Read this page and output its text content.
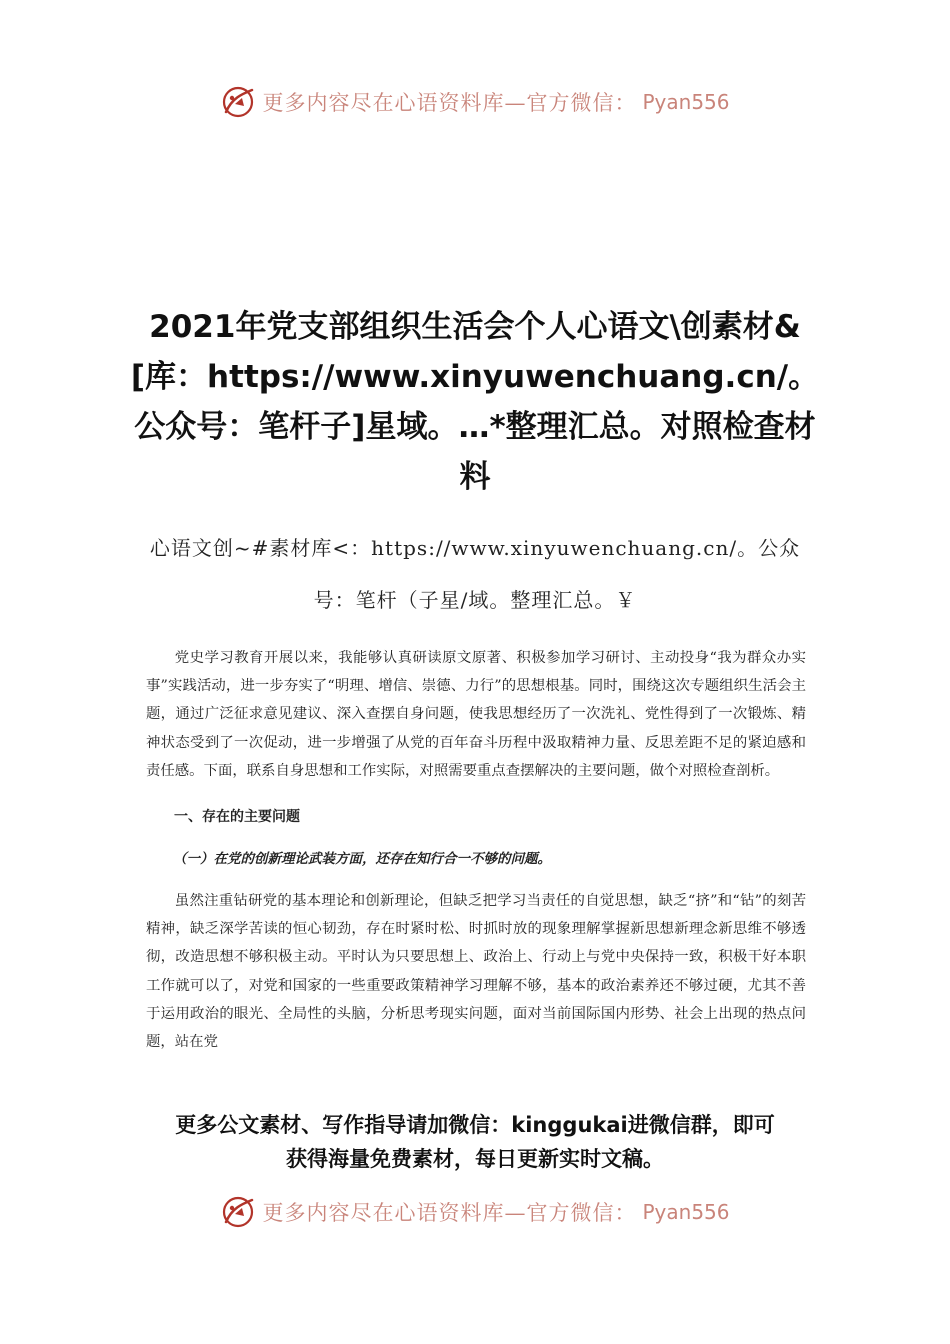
更多内容尽在心语资料库—官方微信： Pyan556
2021年党支部组织生活会个人心语文\创素材&[库：https://www.xinyuwenchuang.cn/。公众号：笔杆子]星域。…*整理汇总。对照检查材料
心语文创~#素材库<：https://www.xinyuwenchuang.cn/。公众号：笔杆（子星/域。整理汇总。￥

党史学习教育开展以来，我能够认真研读原文原著、积极参加学习研讨、主动投身“我为群众办实事”实践活动，进一步夯实了“明理、增信、崇德、力行”的思想根基。同时，围绕这次专题组织生活会主题，通过广泛征求意见建议、深入查摆自身问题，使我思想经历了一次洗礼、党性得到了一次锻炼、精神状态受到了一次促动，进一步增强了从党的百年奋斗历程中汲取精神力量、反思差距不足的紧迫感和责任感。下面，联系自身思想和工作实际，对照需要重点查摆解决的主要问题，做个对照检查剖析。

一、存在的主要问题
（一）在党的创新理论武装方面，还存在知行合一不够的问题。

虽然注重钻研党的基本理论和创新理论，但缺乏把学习当责任的自觉思想，缺乏“挤”和“钻”的刻苦精神，缺乏深学苦读的恒心韧劲，存在时紧时松、时抓时放的现象理解掌握新思想新理念新思维不够透彻，改造思想不够积极主动。平时认为只要思想上、政治上、行动上与党中央保持一致，积极干好本职工作就可以了，对党和国家的一些重要政策精神学习理解不够，基本的政治素养还不够过硬，尤其不善于运用政治的眼光、全局性的头脑，分析思考现实问题，面对当前国际国内形势、社会上出现的热点问题，站在党

更多公文素材、写作指导请加微信：kinggukai进微信群，即可
获得海量免费素材，每日更新实时文稿。
更多内容尽在心语资料库—官方微信： Pyan556
